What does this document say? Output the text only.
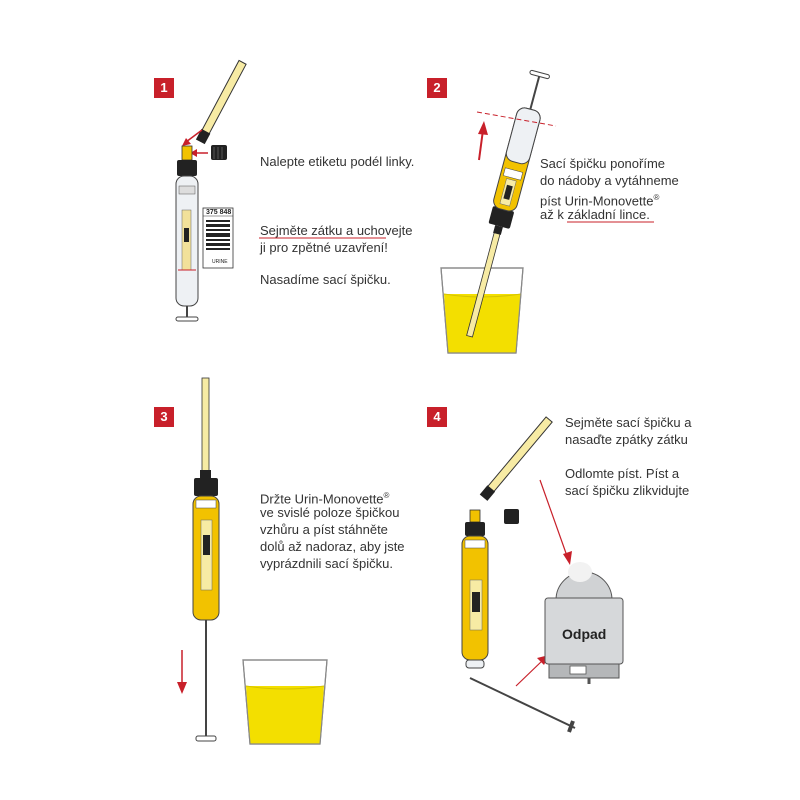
1	2
3	4
Nalepte etiketu podél linky.
Sejměte zátku a uchovejte
ji pro zpětné uzavření!
Nasadíme sací špičku.
375 848
URINE
Sací špičku ponoříme
do nádoby a vytáhneme
píst Urin-Monovette®
až k základní lince.
Držte Urin-Monovette®
ve svislé poloze špičkou
vzhůru a píst stáhněte
dolů až nadoraz, aby jste
vyprázdnili sací špičku.
Sejměte sací špičku a
nasaďte zpátky zátku
Odlomte píst. Píst a
sací špičku zlikvidujte
Odpad
